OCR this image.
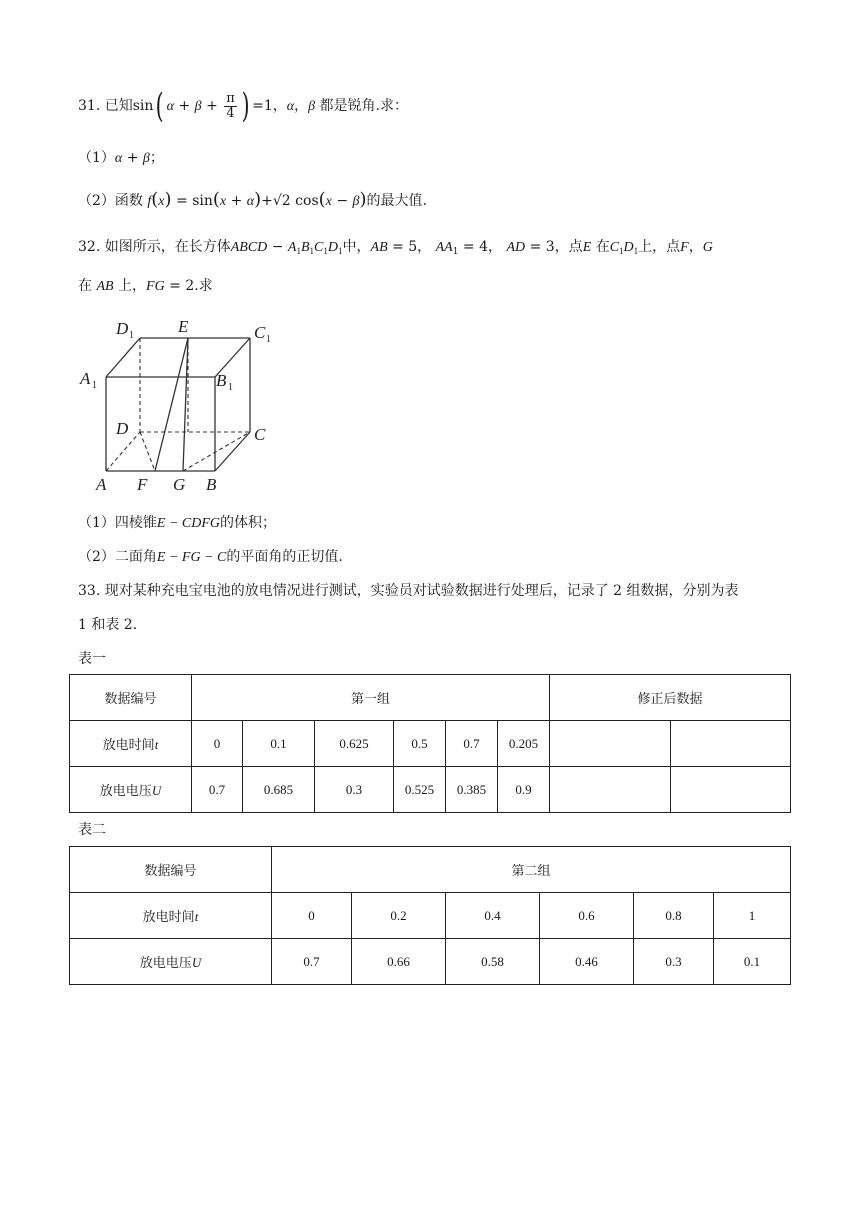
31. 已知sin( $\alpha + \beta + \frac{\pi}{4}$ ) =1，α，β 都是锐角.求：
（1）α + β；
（2）函数 f(x) = sin(x + α)+√2 cos(x − β)的最大值.
32. 如图所示，在长方体ABCD − $A_1B_1C_1D_1$中，AB = 5， $AA_1 = 4$， AD = 3，点E 在$C_1D_1$上，点F，G
在 AB 上，FG = 2.求
D 1	E	C 1
A 1	B 1
D	C
A F G B
（1）四棱锥E − CDFG的体积；
（2）二面角E − FG − C的平面角的正切值.
33. 现对某种充电宝电池的放电情况进行测试，实验员对试验数据进行处理后，记录了 2 组数据，分别为表
1 和表 2.
表一
数据编号	第一组						修正后数据	
放电时间t	0	0.1	0.625	0.5	0.7	0.205		
放电电压U	0.7	0.685	0.3	0.525	0.385	0.9		
表二
数据编号	第二组					
放电时间t	0	0.2	0.4	0.6	0.8	1
放电电压U	0.7	0.66	0.58	0.46	0.3	0.1
